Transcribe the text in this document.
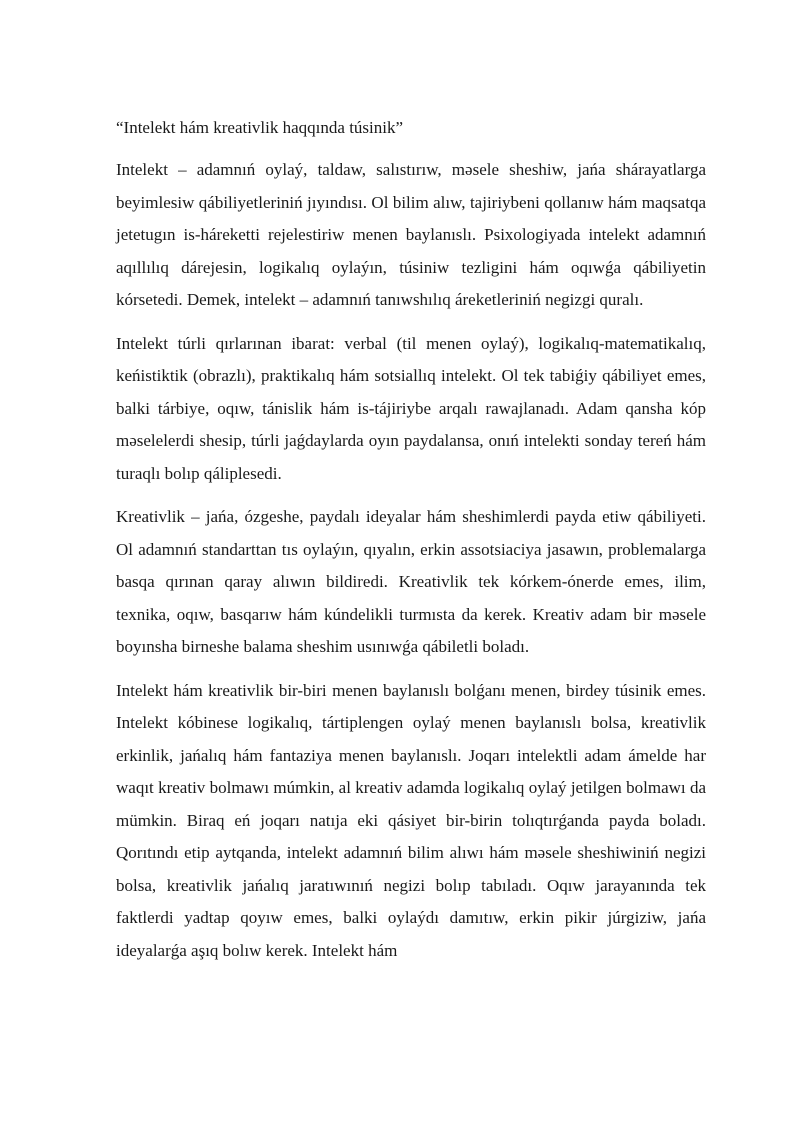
“Intelekt hám kreativlik haqqında túsinik”

Intelekt – adamnıń oylaý, taldaw, salıstırıw, məsele sheshiw, jańa shárayatlarga beyimlesiw qábiliyetleriniń jıyındısı. Ol bilim alıw, tajiriybeni qollanıw hám maqsatqa jetetugın is-háreketti rejelestiriw menen baylanıslı. Psixologiyada intelekt adamnıń aqıllılıq dárejesin, logikalıq oylaýın, túsiniw tezligini hám oqıwǵa qábiliyetin kórsetedi. Demek, intelekt – adamnıń tanıwshılıq áreketleriniń negizgi quralı.

Intelekt túrli qırlarınan ibarat: verbal (til menen oylaý), logikalıq-matematikalıq, keńistiktik (obrazlı), praktikalıq hám sotsiallıq intelekt. Ol tek tabiǵiy qábiliyet emes, balki tárbiye, oqıw, tánislik hám is-tájiriybe arqalı rawajlanadı. Adam qansha kóp məselelerdi shesip, túrli jaǵdaylarda oyın paydalansa, onıń intelekti sonday tereń hám turaqlı bolıp qáliplesedi.

Kreativlik – jańa, ózgeshe, paydalı ideyalar hám sheshimlerdi payda etiw qábiliyeti. Ol adamnıń standarttan tıs oylaýın, qıyalın, erkin assotsiaciya jasawın, problemalarga basqa qırınan qaray alıwın bildiredi. Kreativlik tek kórkem-ónerde emes, ilim, texnika, oqıw, basqarıw hám kúndelikli turmısta da kerek. Kreativ adam bir məsele boyınsha birneshe balama sheshim usınıwǵa qábiletli boladı.

Intelekt hám kreativlik bir-biri menen baylanıslı bolǵanı menen, birdey túsinik emes. Intelekt kóbinese logikalıq, tártiplengen oylaý menen baylanıslı bolsa, kreativlik erkinlik, jańalıq hám fantaziya menen baylanıslı. Joqarı intelektli adam ámelde har waqıt kreativ bolmawı múmkin, al kreativ adamda logikalıq oylaý jetilgen bolmawı da mümkin. Biraq eń joqarı natıja eki qásiyet bir-birin tolıqtırǵanda payda boladı. Qorıtındı etip aytqanda, intelekt adamnıń bilim alıwı hám məsele sheshiwiniń negizi bolsa, kreativlik jańalıq jaratıwınıń negizi bolıp tabıladı. Oqıw jarayanında tek faktlerdi yadtap qoyıw emes, balki oylaýdı damıtıw, erkin pikir júrgiziw, jańa ideyalarǵa aşıq bolıw kerek. Intelekt hám
